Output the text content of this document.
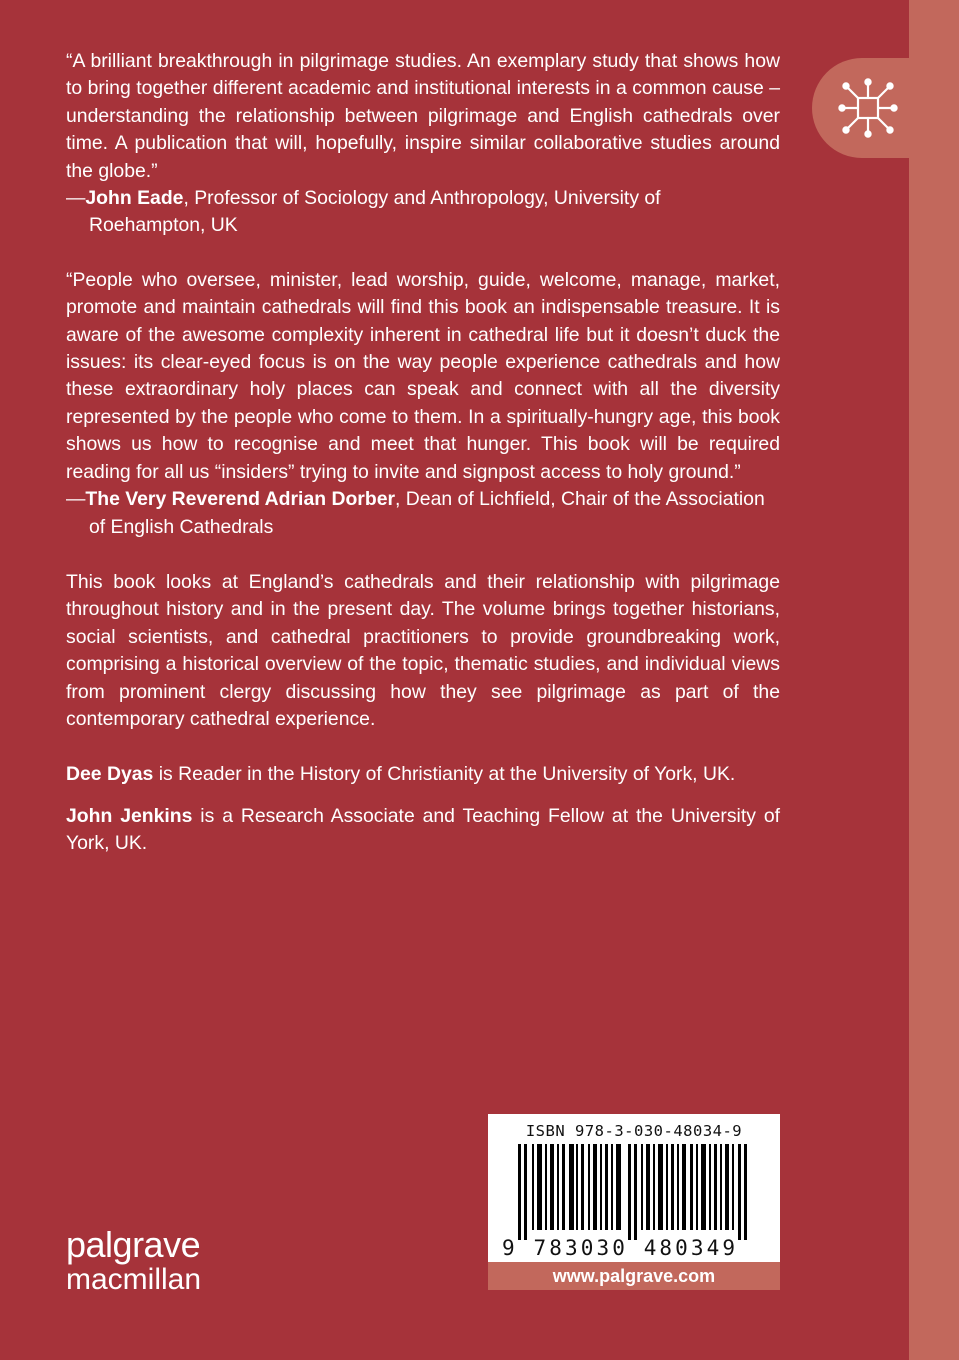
“A brilliant breakthrough in pilgrimage studies. An exemplary study that shows how to bring together different academic and institutional interests in a common cause – understanding the relationship between pilgrimage and English cathedrals over time. A publication that will, hopefully, inspire similar collaborative studies around the globe.”

—John Eade, Professor of Sociology and Anthropology, University of Roehampton, UK

“People who oversee, minister, lead worship, guide, welcome, manage, market, promote and maintain cathedrals will find this book an indispensable treasure. It is aware of the awesome complexity inherent in cathedral life but it doesn’t duck the issues: its clear-eyed focus is on the way people experience cathedrals and how these extraordinary holy places can speak and connect with all the diversity represented by the people who come to them. In a spiritually-hungry age, this book shows us how to recognise and meet that hunger. This book will be required reading for all us “insiders” trying to invite and signpost access to holy ground.”

—The Very Reverend Adrian Dorber, Dean of Lichfield, Chair of the Association of English Cathedrals

This book looks at England’s cathedrals and their relationship with pilgrimage throughout history and in the present day. The volume brings together historians, social scientists, and cathedral practitioners to provide groundbreaking work, comprising a historical overview of the topic, thematic studies, and individual views from prominent clergy discussing how they see pilgrimage as part of the contemporary cathedral experience.

Dee Dyas is Reader in the History of Christianity at the University of York, UK.

John Jenkins is a Research Associate and Teaching Fellow at the University of York, UK.

ISBN 978-3-030-48034-9
9 783030 480349
www.palgrave.com
palgrave
macmillan
